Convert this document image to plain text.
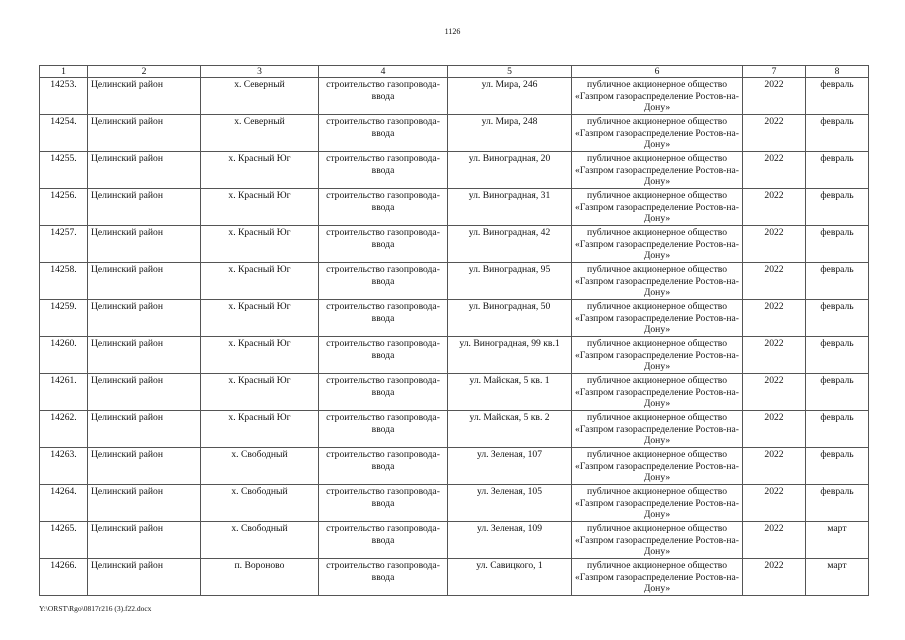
1126
1	2	3	4	5	6	7	8
14253.	Целинский район	х. Северный	строительство газопровода-ввода	ул. Мира, 246	публичное акционерное общество «Газпром газораспределение Ростов-на-Дону»	2022	февраль
14254.	Целинский район	х. Северный	строительство газопровода-ввода	ул. Мира, 248	публичное акционерное общество «Газпром газораспределение Ростов-на-Дону»	2022	февраль
14255.	Целинский район	х. Красный Юг	строительство газопровода-ввода	ул. Виноградная, 20	публичное акционерное общество «Газпром газораспределение Ростов-на-Дону»	2022	февраль
14256.	Целинский район	х. Красный Юг	строительство газопровода-ввода	ул. Виноградная, 31	публичное акционерное общество «Газпром газораспределение Ростов-на-Дону»	2022	февраль
14257.	Целинский район	х. Красный Юг	строительство газопровода-ввода	ул. Виноградная, 42	публичное акционерное общество «Газпром газораспределение Ростов-на-Дону»	2022	февраль
14258.	Целинский район	х. Красный Юг	строительство газопровода-ввода	ул. Виноградная, 95	публичное акционерное общество «Газпром газораспределение Ростов-на-Дону»	2022	февраль
14259.	Целинский район	х. Красный Юг	строительство газопровода-ввода	ул. Виноградная, 50	публичное акционерное общество «Газпром газораспределение Ростов-на-Дону»	2022	февраль
14260.	Целинский район	х. Красный Юг	строительство газопровода-ввода	ул. Виноградная, 99 кв.1	публичное акционерное общество «Газпром газораспределение Ростов-на-Дону»	2022	февраль
14261.	Целинский район	х. Красный Юг	строительство газопровода-ввода	ул. Майская, 5 кв. 1	публичное акционерное общество «Газпром газораспределение Ростов-на-Дону»	2022	февраль
14262.	Целинский район	х. Красный Юг	строительство газопровода-ввода	ул. Майская, 5 кв. 2	публичное акционерное общество «Газпром газораспределение Ростов-на-Дону»	2022	февраль
14263.	Целинский район	х. Свободный	строительство газопровода-ввода	ул. Зеленая, 107	публичное акционерное общество «Газпром газораспределение Ростов-на-Дону»	2022	февраль
14264.	Целинский район	х. Свободный	строительство газопровода-ввода	ул. Зеленая, 105	публичное акционерное общество «Газпром газораспределение Ростов-на-Дону»	2022	февраль
14265.	Целинский район	х. Свободный	строительство газопровода-ввода	ул. Зеленая, 109	публичное акционерное общество «Газпром газораспределение Ростов-на-Дону»	2022	март
14266.	Целинский район	п. Вороново	строительство газопровода-ввода	ул. Савицкого, 1	публичное акционерное общество «Газпром газораспределение Ростов-на-Дону»	2022	март
Y:\ORST\Rgo\0817r216 (3).f22.docx
